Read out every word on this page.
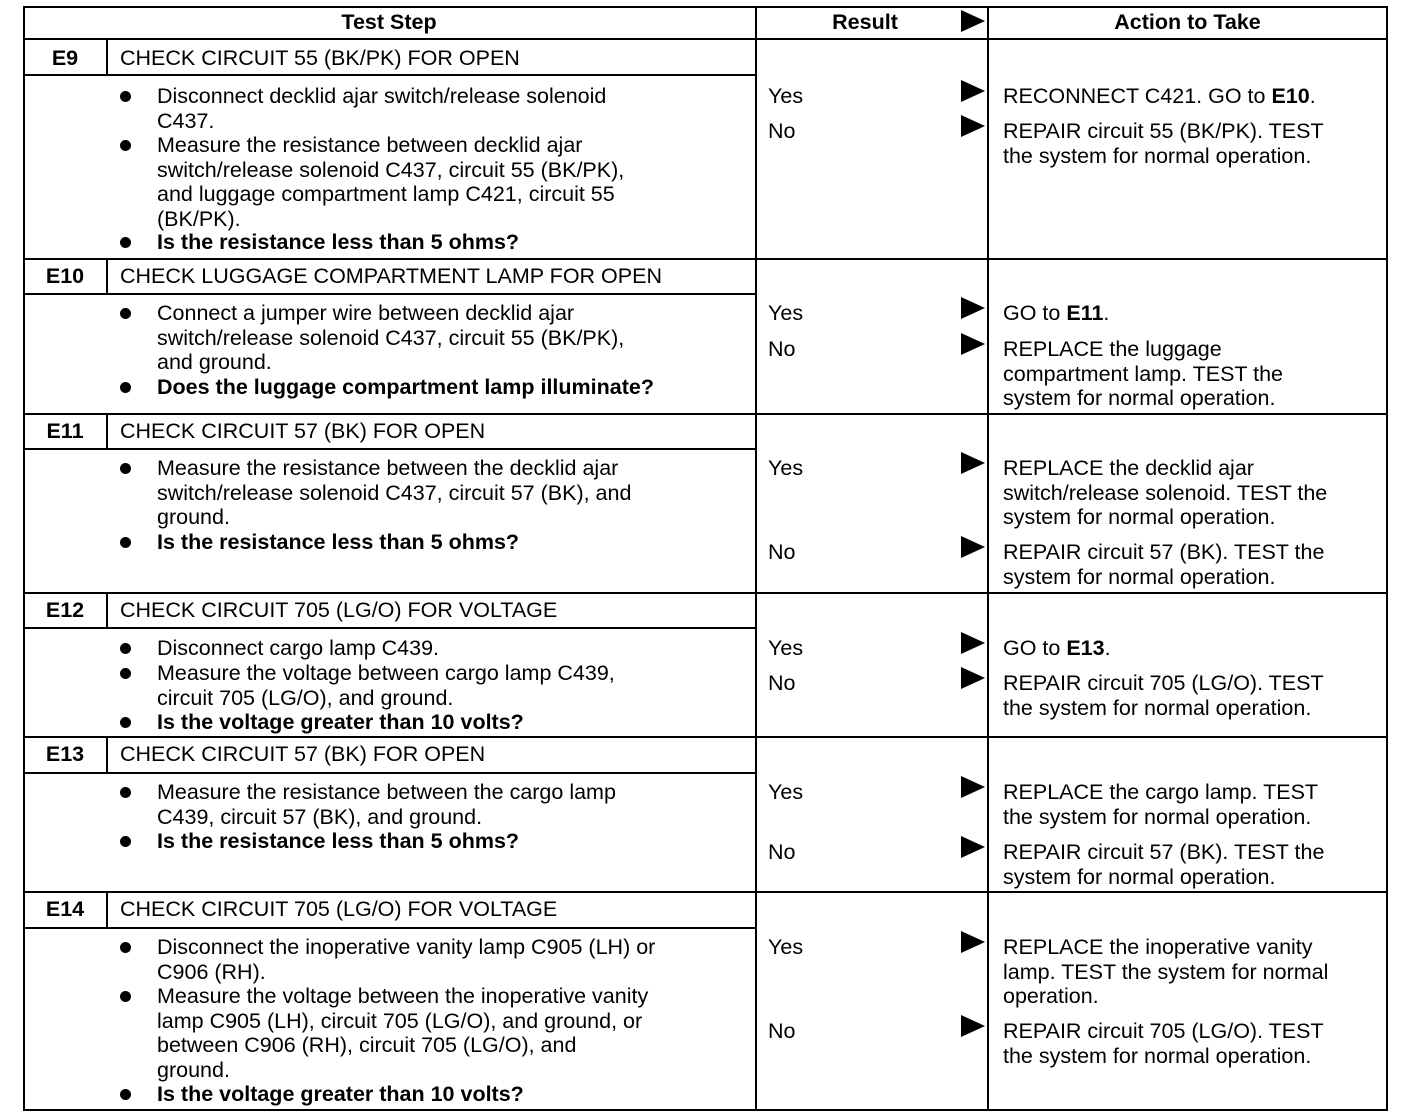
Test Step	Result	Action to Take
E9	CHECK CIRCUIT 55 (BK/PK) FOR OPEN
Disconnect decklid ajar switch/release solenoid
C437.
Measure the resistance between decklid ajar
switch/release solenoid C437, circuit 55 (BK/PK),
and luggage compartment lamp C421, circuit 55
(BK/PK).
Is the resistance less than 5 ohms?
Yes	RECONNECT C421. GO to E10.
No	REPAIR circuit 55 (BK/PK). TEST
the system for normal operation.
E10	CHECK LUGGAGE COMPARTMENT LAMP FOR OPEN
Connect a jumper wire between decklid ajar
switch/release solenoid C437, circuit 55 (BK/PK),
and ground.
Does the luggage compartment lamp illuminate?
Yes	GO to E11.
No	REPLACE the luggage
compartment lamp. TEST the
system for normal operation.
E11	CHECK CIRCUIT 57 (BK) FOR OPEN
Measure the resistance between the decklid ajar
switch/release solenoid C437, circuit 57 (BK), and
ground.
Is the resistance less than 5 ohms?
Yes	REPLACE the decklid ajar
switch/release solenoid. TEST the
system for normal operation.
No	REPAIR circuit 57 (BK). TEST the
system for normal operation.
E12	CHECK CIRCUIT 705 (LG/O) FOR VOLTAGE
Disconnect cargo lamp C439.
Measure the voltage between cargo lamp C439,
circuit 705 (LG/O), and ground.
Is the voltage greater than 10 volts?
Yes	GO to E13.
No	REPAIR circuit 705 (LG/O). TEST
the system for normal operation.
E13	CHECK CIRCUIT 57 (BK) FOR OPEN
Measure the resistance between the cargo lamp
C439, circuit 57 (BK), and ground.
Is the resistance less than 5 ohms?
Yes	REPLACE the cargo lamp. TEST
the system for normal operation.
No	REPAIR circuit 57 (BK). TEST the
system for normal operation.
E14	CHECK CIRCUIT 705 (LG/O) FOR VOLTAGE
Disconnect the inoperative vanity lamp C905 (LH) or
C906 (RH).
Measure the voltage between the inoperative vanity
lamp C905 (LH), circuit 705 (LG/O), and ground, or
between C906 (RH), circuit 705 (LG/O), and
ground.
Is the voltage greater than 10 volts?
Yes	REPLACE the inoperative vanity
lamp. TEST the system for normal
operation.
No	REPAIR circuit 705 (LG/O). TEST
the system for normal operation.
